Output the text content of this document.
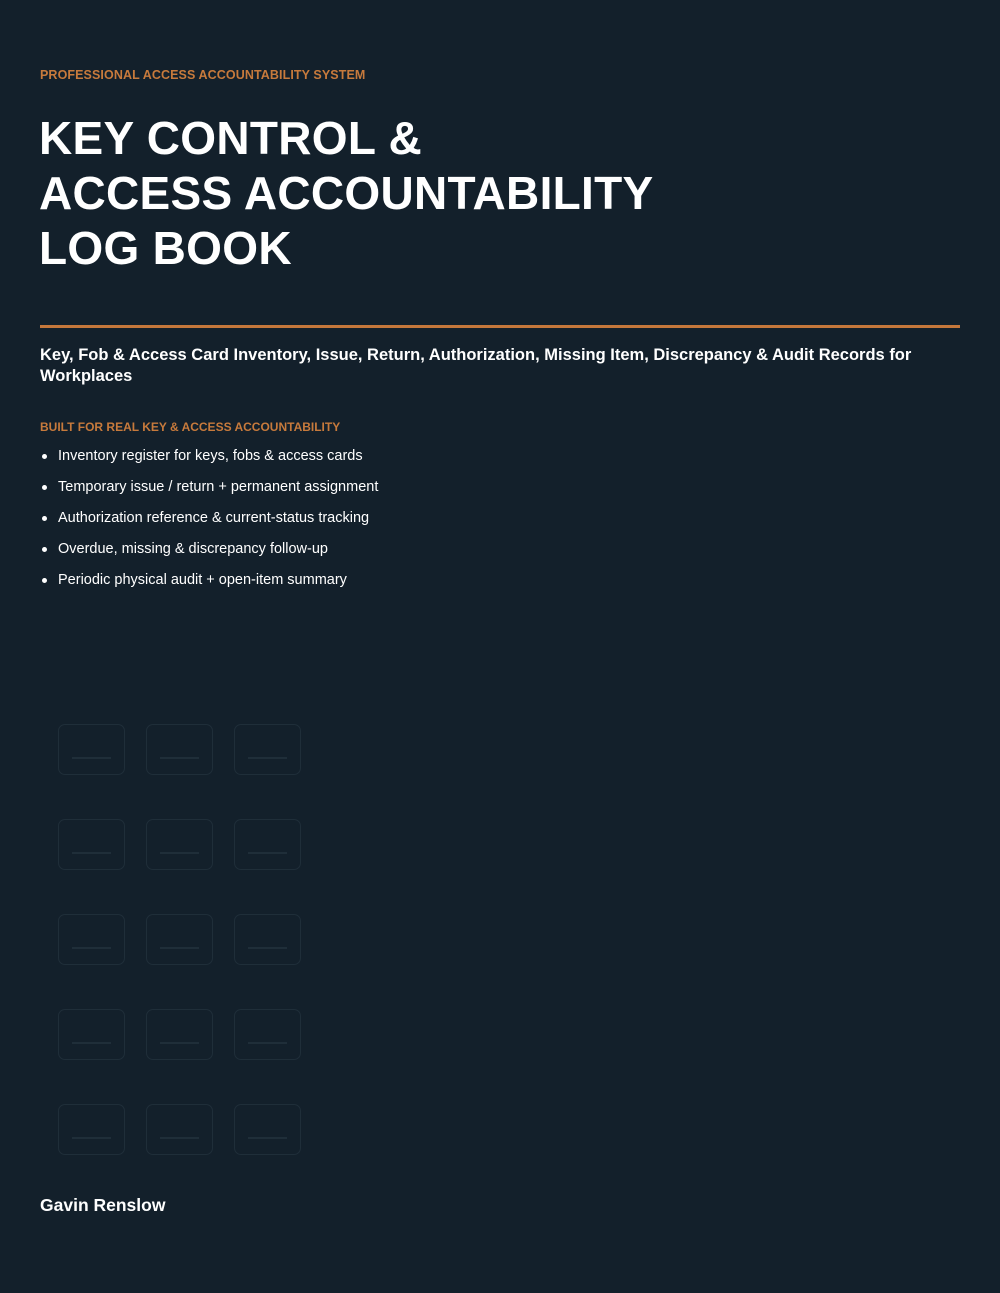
PROFESSIONAL ACCESS ACCOUNTABILITY SYSTEM
KEY CONTROL &
ACCESS ACCOUNTABILITY
LOG BOOK

Key, Fob & Access Card Inventory, Issue, Return, Authorization, Missing Item, Discrepancy & Audit Records for Workplaces

BUILT FOR REAL KEY & ACCESS ACCOUNTABILITY
Inventory register for keys, fobs & access cards
Temporary issue / return + permanent assignment
Authorization reference & current-status tracking
Overdue, missing & discrepancy follow-up
Periodic physical audit + open-item summary
Gavin Renslow
